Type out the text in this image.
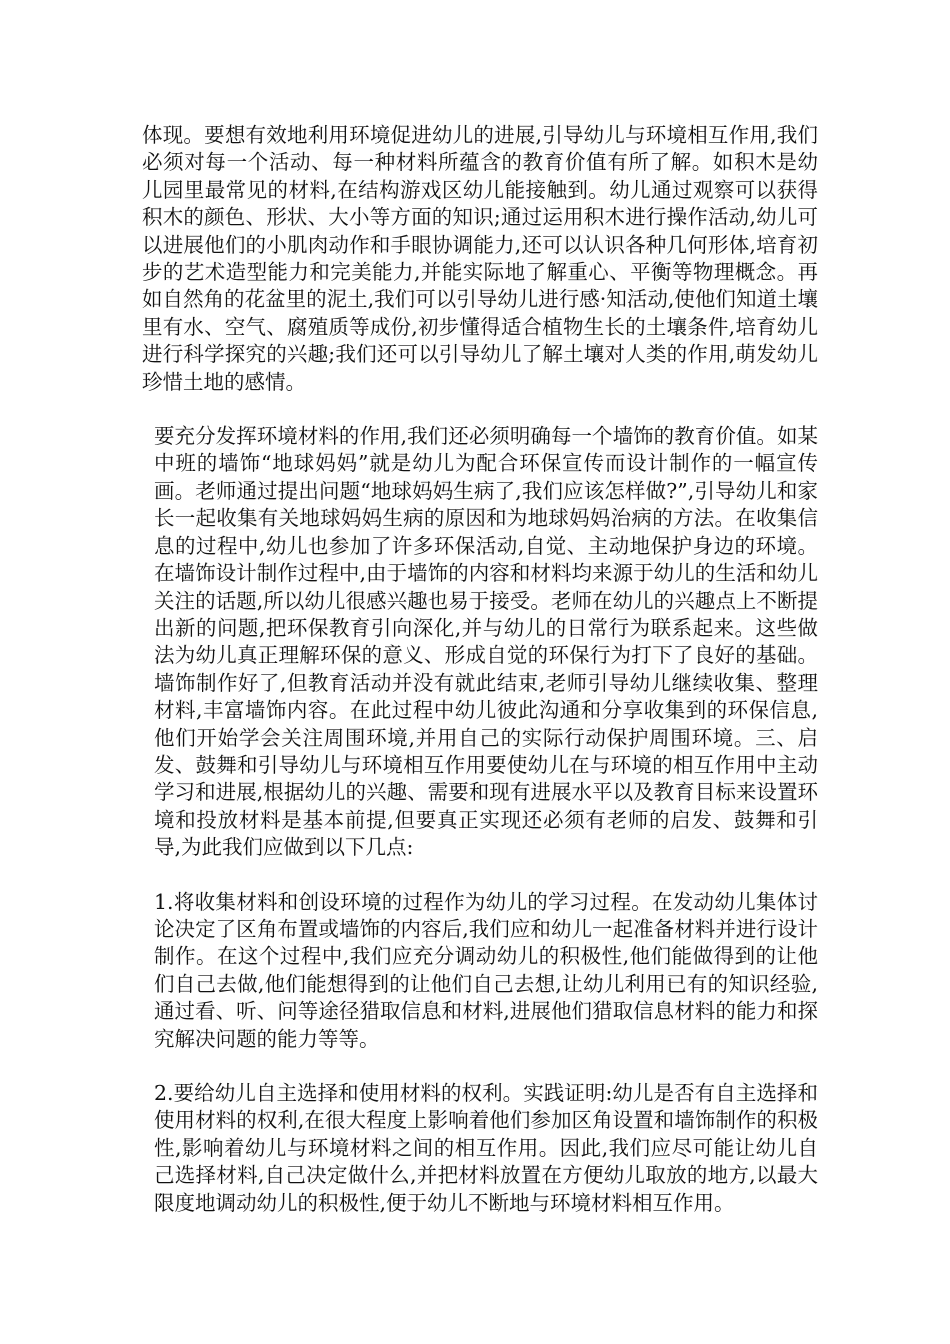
体现。要想有效地利用环境促进幼儿的进展,引导幼儿与环境相互作用,我们必须对每一个活动、每一种材料所蕴含的教育价值有所了解。如积木是幼儿园里最常见的材料,在结构游戏区幼儿能接触到。幼儿通过观察可以获得积木的颜色、形状、大小等方面的知识;通过运用积木进行操作活动,幼儿可以进展他们的小肌肉动作和手眼协调能力,还可以认识各种几何形体,培育初步的艺术造型能力和完美能力,并能实际地了解重心、平衡等物理概念。再如自然角的花盆里的泥土,我们可以引导幼儿进行感·知活动,使他们知道土壤里有水、空气、腐殖质等成份,初步懂得适合植物生长的土壤条件,培育幼儿进行科学探究的兴趣;我们还可以引导幼儿了解土壤对人类的作用,萌发幼儿珍惜土地的感情。

要充分发挥环境材料的作用,我们还必须明确每一个墙饰的教育价值。如某中班的墙饰“地球妈妈”就是幼儿为配合环保宣传而设计制作的一幅宣传画。老师通过提出问题“地球妈妈生病了,我们应该怎样做?”,引导幼儿和家长一起收集有关地球妈妈生病的原因和为地球妈妈治病的方法。在收集信息的过程中,幼儿也参加了许多环保活动,自觉、主动地保护身边的环境。在墙饰设计制作过程中,由于墙饰的内容和材料均来源于幼儿的生活和幼儿关注的话题,所以幼儿很感兴趣也易于接受。老师在幼儿的兴趣点上不断提出新的问题,把环保教育引向深化,并与幼儿的日常行为联系起来。这些做法为幼儿真正理解环保的意义、形成自觉的环保行为打下了良好的基础。墙饰制作好了,但教育活动并没有就此结束,老师引导幼儿继续收集、整理材料,丰富墙饰内容。在此过程中幼儿彼此沟通和分享收集到的环保信息,他们开始学会关注周围环境,并用自己的实际行动保护周围环境。三、启发、鼓舞和引导幼儿与环境相互作用要使幼儿在与环境的相互作用中主动学习和进展,根据幼儿的兴趣、需要和现有进展水平以及教育目标来设置环境和投放材料是基本前提,但要真正实现还必须有老师的启发、鼓舞和引导,为此我们应做到以下几点:

1.将收集材料和创设环境的过程作为幼儿的学习过程。在发动幼儿集体讨论决定了区角布置或墙饰的内容后,我们应和幼儿一起准备材料并进行设计制作。在这个过程中,我们应充分调动幼儿的积极性,他们能做得到的让他们自己去做,他们能想得到的让他们自己去想,让幼儿利用已有的知识经验,通过看、听、问等途径猎取信息和材料,进展他们猎取信息材料的能力和探究解决问题的能力等等。

2.要给幼儿自主选择和使用材料的权利。实践证明:幼儿是否有自主选择和使用材料的权利,在很大程度上影响着他们参加区角设置和墙饰制作的积极性,影响着幼儿与环境材料之间的相互作用。因此,我们应尽可能让幼儿自己选择材料,自己决定做什么,并把材料放置在方便幼儿取放的地方,以最大限度地调动幼儿的积极性,便于幼儿不断地与环境材料相互作用。
